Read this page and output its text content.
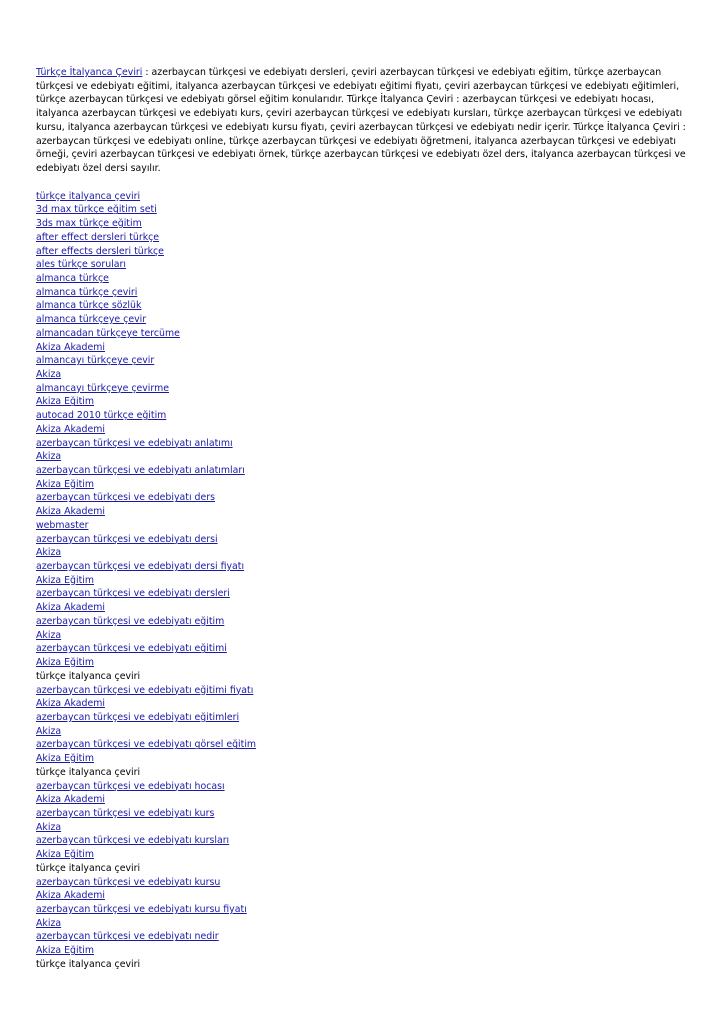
Türkçe İtalyanca Çeviri : azerbaycan türkçesi ve edebiyatı dersleri, çeviri azerbaycan türkçesi ve edebiyatı eğitim, türkçe azerbaycan türkçesi ve edebiyatı eğitimi, italyanca azerbaycan türkçesi ve edebiyatı eğitimi fiyatı, çeviri azerbaycan türkçesi ve edebiyatı eğitimleri, türkçe azerbaycan türkçesi ve edebiyatı görsel eğitim konularıdır. Türkçe İtalyanca Çeviri : azerbaycan türkçesi ve edebiyatı hocası, italyanca azerbaycan türkçesi ve edebiyatı kurs, çeviri azerbaycan türkçesi ve edebiyatı kursları, türkçe azerbaycan türkçesi ve edebiyatı kursu, italyanca azerbaycan türkçesi ve edebiyatı kursu fiyatı, çeviri azerbaycan türkçesi ve edebiyatı nedir içerir. Türkçe İtalyanca Çeviri : azerbaycan türkçesi ve edebiyatı online, türkçe azerbaycan türkçesi ve edebiyatı öğretmeni, italyanca azerbaycan türkçesi ve edebiyatı örneği, çeviri azerbaycan türkçesi ve edebiyatı örnek, türkçe azerbaycan türkçesi ve edebiyatı özel ders, italyanca azerbaycan türkçesi ve edebiyatı özel dersi sayılır.

türkçe italyanca çeviri
3d max türkçe eğitim seti
3ds max türkçe eğitim
after effect dersleri türkçe
after effects dersleri türkçe
ales türkçe soruları
almanca türkçe
almanca türkçe çeviri
almanca türkçe sözlük
almanca türkçeye çevir
almancadan türkçeye tercüme
Akiza Akademi
almancayı türkçeye çevir
Akiza
almancayı türkçeye çevirme
Akiza Eğitim
autocad 2010 türkçe eğitim
Akiza Akademi
azerbaycan türkçesi ve edebiyatı anlatımı
Akiza
azerbaycan türkçesi ve edebiyatı anlatımları
Akiza Eğitim
azerbaycan türkçesi ve edebiyatı ders
Akiza Akademi
webmaster
azerbaycan türkçesi ve edebiyatı dersi
Akiza
azerbaycan türkçesi ve edebiyatı dersi fiyatı
Akiza Eğitim
azerbaycan türkçesi ve edebiyatı dersleri
Akiza Akademi
azerbaycan türkçesi ve edebiyatı eğitim
Akiza
azerbaycan türkçesi ve edebiyatı eğitimi
Akiza Eğitim
türkçe italyanca çeviri
azerbaycan türkçesi ve edebiyatı eğitimi fiyatı
Akiza Akademi
azerbaycan türkçesi ve edebiyatı eğitimleri
Akiza
azerbaycan türkçesi ve edebiyatı görsel eğitim
Akiza Eğitim
türkçe italyanca çeviri
azerbaycan türkçesi ve edebiyatı hocası
Akiza Akademi
azerbaycan türkçesi ve edebiyatı kurs
Akiza
azerbaycan türkçesi ve edebiyatı kursları
Akiza Eğitim
türkçe italyanca çeviri
azerbaycan türkçesi ve edebiyatı kursu
Akiza Akademi
azerbaycan türkçesi ve edebiyatı kursu fiyatı
Akiza
azerbaycan türkçesi ve edebiyatı nedir
Akiza Eğitim
türkçe italyanca çeviri
